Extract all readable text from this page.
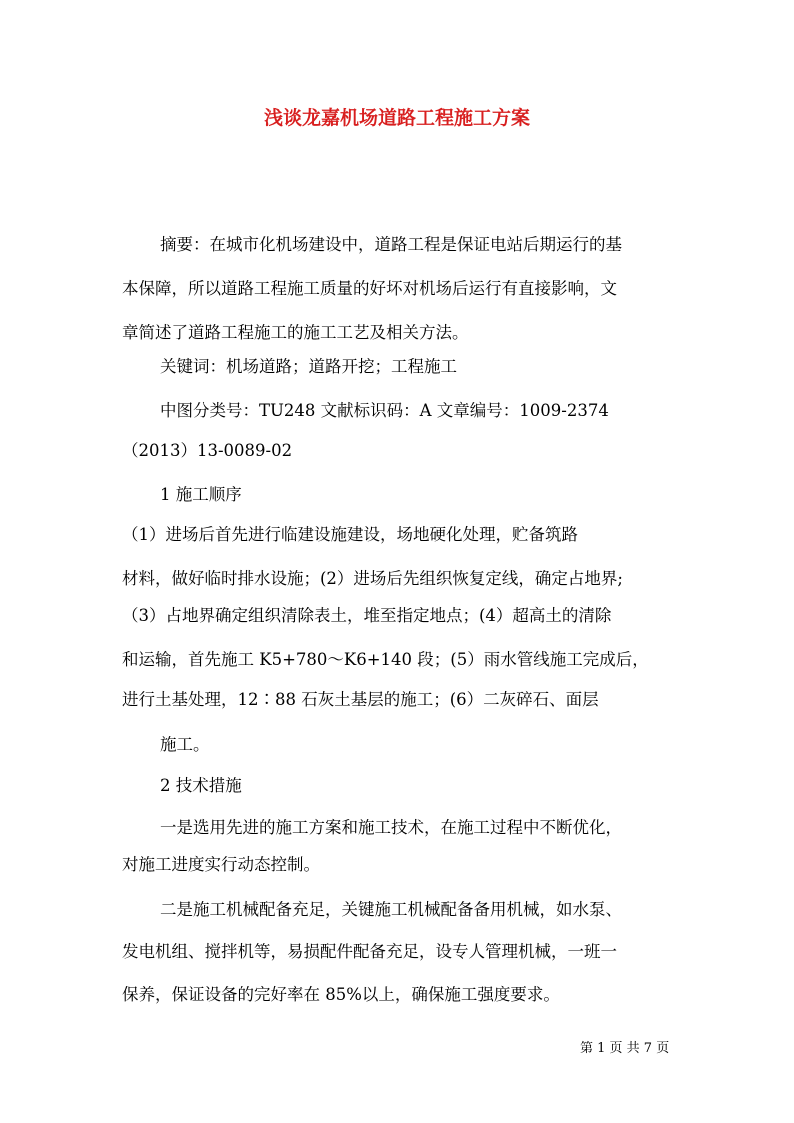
浅谈龙嘉机场道路工程施工方案
摘要：在城市化机场建设中，道路工程是保证电站后期运行的基
本保障，所以道路工程施工质量的好坏对机场后运行有直接影响，文
章简述了道路工程施工的施工工艺及相关方法。
关键词：机场道路；道路开挖；工程施工
中图分类号：TU248 文献标识码：A 文章编号：1009-2374
（2013）13-0089-02
1 施工顺序
（1）进场后首先进行临建设施建设，场地硬化处理，贮备筑路
材料，做好临时排水设施；(2）进场后先组织恢复定线，确定占地界;
（3）占地界确定组织清除表土，堆至指定地点；(4）超高土的清除
和运输，首先施工 K5+780～K6+140 段；(5）雨水管线施工完成后，
进行土基处理，12∶88 石灰土基层的施工；(6）二灰碎石、面层
施工。
2 技术措施
一是选用先进的施工方案和施工技术，在施工过程中不断优化，
对施工进度实行动态控制。
二是施工机械配备充足，关键施工机械配备备用机械，如水泵、
发电机组、搅拌机等，易损配件配备充足，设专人管理机械，一班一
保养，保证设备的完好率在 85%以上，确保施工强度要求。
第 1 页 共 7 页
